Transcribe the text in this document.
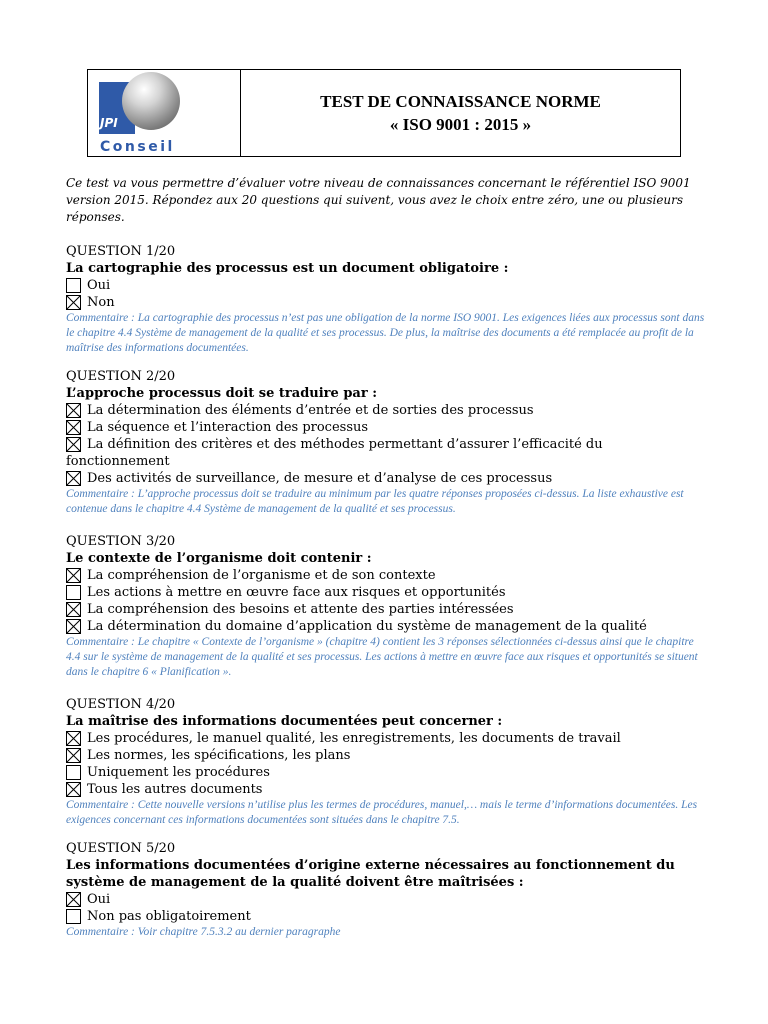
JPI
Conseil
TEST DE CONNAISSANCE NORME
« ISO 9001 : 2015 »
Ce test va vous permettre d’évaluer votre niveau de connaissances concernant le référentiel ISO 9001 version 2015. Répondez aux 20 questions qui suivent, vous avez le choix entre zéro, une ou plusieurs réponses.
QUESTION 1/20
La cartographie des processus est un document obligatoire :
Oui
Non
Commentaire : La cartographie des processus n’est pas une obligation de la norme ISO 9001. Les exigences liées aux processus sont dans le chapitre 4.4 Système de management de la qualité et ses processus. De plus, la maîtrise des documents a été remplacée au profit de la maîtrise des informations documentées.
QUESTION 2/20
L’approche processus doit se traduire par :
La détermination des éléments d’entrée et de sorties des processus
La séquence et l’interaction des processus
La définition des critères et des méthodes permettant d’assurer l’efficacité du fonctionnement
Des activités de surveillance, de mesure et d’analyse de ces processus
Commentaire : L’approche processus doit se traduire au minimum par les quatre réponses proposées ci-dessus. La liste exhaustive est contenue dans le chapitre 4.4 Système de management de la qualité et ses processus.
QUESTION 3/20
Le contexte de l’organisme doit contenir :
La compréhension de l’organisme et de son contexte
Les actions à mettre en œuvre face aux risques et opportunités
La compréhension des besoins et attente des parties intéressées
La détermination du domaine d’application du système de management de la qualité
Commentaire : Le chapitre « Contexte de l’organisme » (chapitre 4) contient les 3 réponses sélectionnées ci-dessus ainsi que le chapitre 4.4 sur le système de management de la qualité et ses processus. Les actions à mettre en œuvre face aux risques et opportunités se situent dans le chapitre 6 « Planification ».
QUESTION 4/20
La maîtrise des informations documentées peut concerner :
Les procédures, le manuel qualité, les enregistrements, les documents de travail
Les normes, les spécifications, les plans
Uniquement les procédures
Tous les autres documents
Commentaire : Cette nouvelle versions n’utilise plus les termes de procédures, manuel,… mais le terme d’informations documentées. Les exigences concernant ces informations documentées sont situées dans le chapitre 7.5.
QUESTION 5/20
Les informations documentées d’origine externe nécessaires au fonctionnement du système de management de la qualité doivent être maîtrisées :
Oui
Non pas obligatoirement
Commentaire : Voir chapitre 7.5.3.2 au dernier paragraphe
